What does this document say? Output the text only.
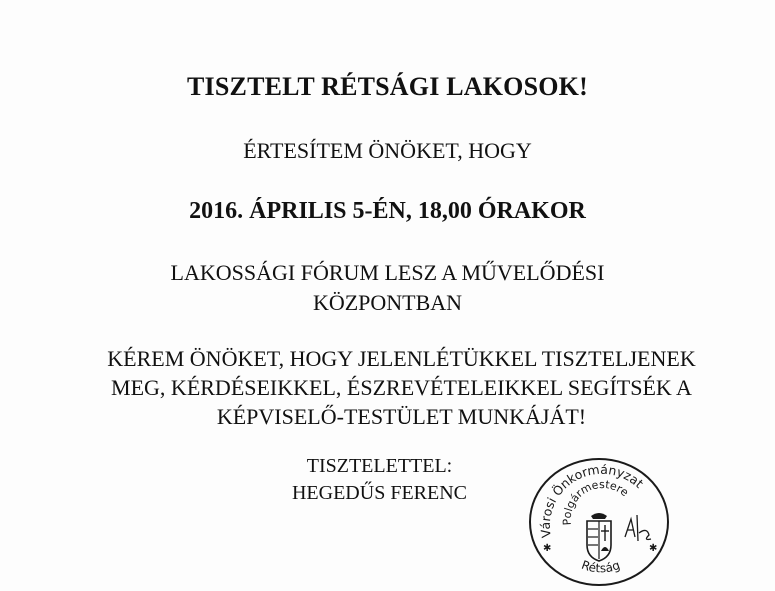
TISZTELT RÉTSÁGI LAKOSOK!
ÉRTESÍTEM ÖNÖKET, HOGY
2016. ÁPRILIS 5-ÉN, 18,00 ÓRAKOR
LAKOSSÁGI FÓRUM LESZ A MŰVELŐDÉSI
KÖZPONTBAN
KÉREM ÖNÖKET, HOGY JELENLÉTÜKKEL TISZTELJENEK
MEG, KÉRDÉSEIKKEL, ÉSZREVÉTELEIKKEL SEGÍTSÉK A
KÉPVISELŐ-TESTÜLET MUNKÁJÁT!
TISZTELETTEL:
HEGEDŰS FERENC
Városi Önkormányzat
Polgármestere
Rétság
✱	✱
